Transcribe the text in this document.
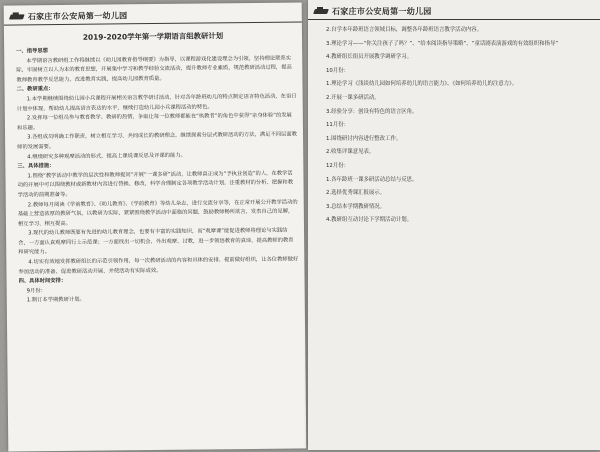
石家庄市公安局第一幼儿园
2019-2020学年第一学期语言组教研计划

一、指导思想

本学期语言教研组工作将继续以《幼儿园教育指导纲要》为指导，以课程游戏化建设理念为引领，坚持理论联系实际，牢固树立以人为本的教育思想，开展集中学习和教学经验交流活动，提升教师专业素质，规范教研活动过程，提高教师教育教学反思能力，改进教育实践，提高幼儿园教育质量。

二、教研重点：

1.本学期继续围绕幼儿园小兵课程开展相关语言教学研讨活动，针对各年龄班幼儿的特点制定语言特色活动，在语日计划中体现，帮助幼儿提高语言表达的水平，继续打造幼儿园小兵课程活动的特色。

2.发挥每一位组员参与教育教学、教研的热情，争取让每一位教师都能在“执教者”的角色中获得“亲身体验”的发展和乐趣。

3.各组成员明确工作职责，树立相互学习、共同成长的教研理念，继续探索分层式教研活动的方法，满足不同层面教师的发展需要。

4.继续研究多种观摩活动的形式，提高上课说课反思及评课的能力。

三、具体措施：

1.围绕“教学活动中教学的层次性和教师提问”开展“一课多研”活动，让教师真正成为“予执业创造”的人，在教学活动的开展中可以围绕教材或新教材内容进行替换、修改，科学合理制定各项教学活动计划，注重教材的分析、把握和教学活动的前期准备等。

2.教师每月阅读《学前教育》、《幼儿教育》、《学前教育》等幼儿杂志，进行交流分享等，在正常开展公开教学活动的基础上营造浓厚的教研气氛，以教研为实际，紧紧围绕教学活动中面临的问题，鼓励教师畅所欲言，发表自己的见解，相互学习、相互提高。

3.现代的幼儿教师既要有先进的幼儿教育理念，也要有丰富的实践知识，而“观摩课”能促进教师将理论与实践结合，一方面认真观摩同行上示范课；一方面找出一切机会，外出观摩、讨教，进一步领悟教育的真谛，提高教师的教育和研究能力。

4.切实有效地发挥教研组长的示范引领作用，每一次教研活动的内容和具体的安排、提前做好组织，让各位教师做好参加活动的准备，促进教研活动开展，并使活动有实际成效。

四、具体时间安排：

9月份：

1.制订本学期教研计划。

石家庄市公安局第一幼儿园

2.自学本年龄班语言领域目标，调整各年龄班语言教学活动内容。

3.理论学习——“你关注孩子了吗？”、“给本阅读指导策略”、“童话剧表演游戏的有效组织和指导”

4.教研组长组员开展教学调研学习。

10月份：

1.理论学习《浅谈幼儿园如何培养幼儿的语言能力》、《如何培养幼儿的注意力》。

2.开展一课多研活动。

3.经验分享：创设有特色的语言区角。

11月份：

1.围绕研讨内容进行整改工作。

2.收集评课意见表。

12月份：

1.各年龄班一课多研活动总结与反思。

2.选择优秀课汇报展示。

3.总结本学期教研情况。

4.教研组互动讨论下学期活动计划。
